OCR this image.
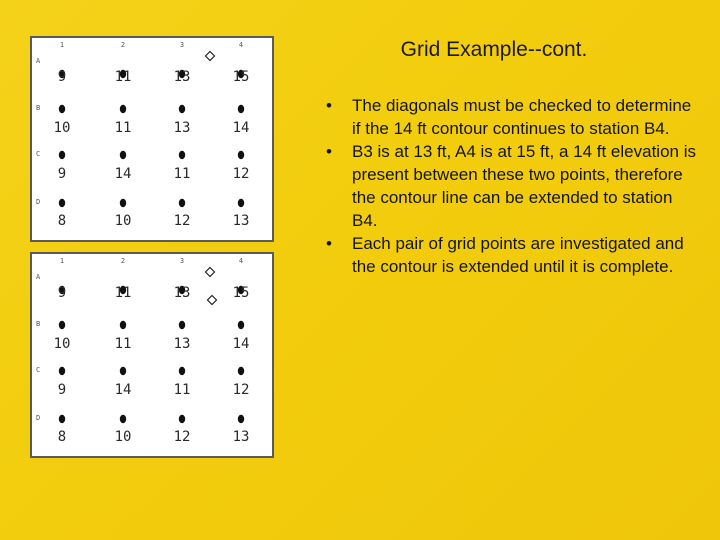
Grid Example--cont.
• The diagonals must be checked to determine if the 14 ft contour continues to station B4.
• B3 is at 13 ft, A4 is at 15 ft, a 14 ft elevation is present between these two points, therefore the contour line can be extended to station B4.
• Each pair of grid points are investigated and the contour is extended until it is complete.
1	2	3	4
A
9	11	13	15
B
10	11	13	14
C
9	14	11	12
D
8	10	12	13
1	2	3	4
A
9	11	13	15
B
10	11	13	14
C
9	14	11	12
D
8	10	12	13
